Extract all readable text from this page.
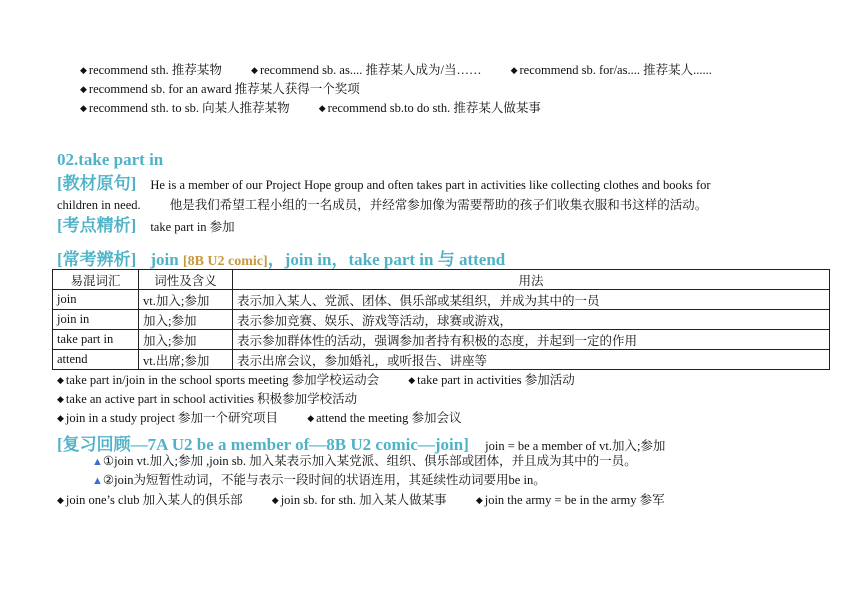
◆ recommend sth. 推荐某物	◆ recommend sb. as.... 推荐某人成为/当……	◆ recommend sb. for/as.... 推荐某人......
◆ recommend sb. for an award 推荐某人获得一个奖项
◆ recommend sth. to sb. 向某人推荐某物	◆ recommend sb.to do sth. 推荐某人做某事
02.take part in
[教材原句] He is a member of our Project Hope group and often takes part in activities like collecting clothes and books for
children in need. 他是我们希望工程小组的一名成员，并经常参加像为需要帮助的孩子们收集衣服和书这样的活动。
[考点精析] take part in 参加
[常考辨析] join [8B U2 comic]，join in，take part in 与 attend
易混词汇	词性及含义	用法
join	vt.加入;参加	表示加入某人、党派、团体、俱乐部或某组织，并成为其中的一员
join in	加入;参加	表示参加竞赛、娱乐、游戏等活动，球赛或游戏，
take part in	加入;参加	表示参加群体性的活动，强调参加者持有积极的态度，并起到一定的作用
attend	vt.出席;参加	表示出席会议，参加婚礼，或听报告、讲座等
◆ take part in/join in the school sports meeting 参加学校运动会	◆ take part in activities 参加活动
◆ take an active part in school activities 积极参加学校活动
◆ join in a study project 参加一个研究项目	◆ attend the meeting 参加会议
[复习回顾—7A U2 be a member of—8B U2 comic—join] join = be a member of vt.加入;参加
▲①join vt.加入;参加 ,join sb. 加入某表示加入某党派、组织、俱乐部或团体，并且成为其中的一员。
▲②join为短暂性动词，不能与表示一段时间的状语连用，其延续性动词要用be in。
◆ join one’s club 加入某人的俱乐部	◆ join sb. for sth. 加入某人做某事	◆ join the army = be in the army 参军
